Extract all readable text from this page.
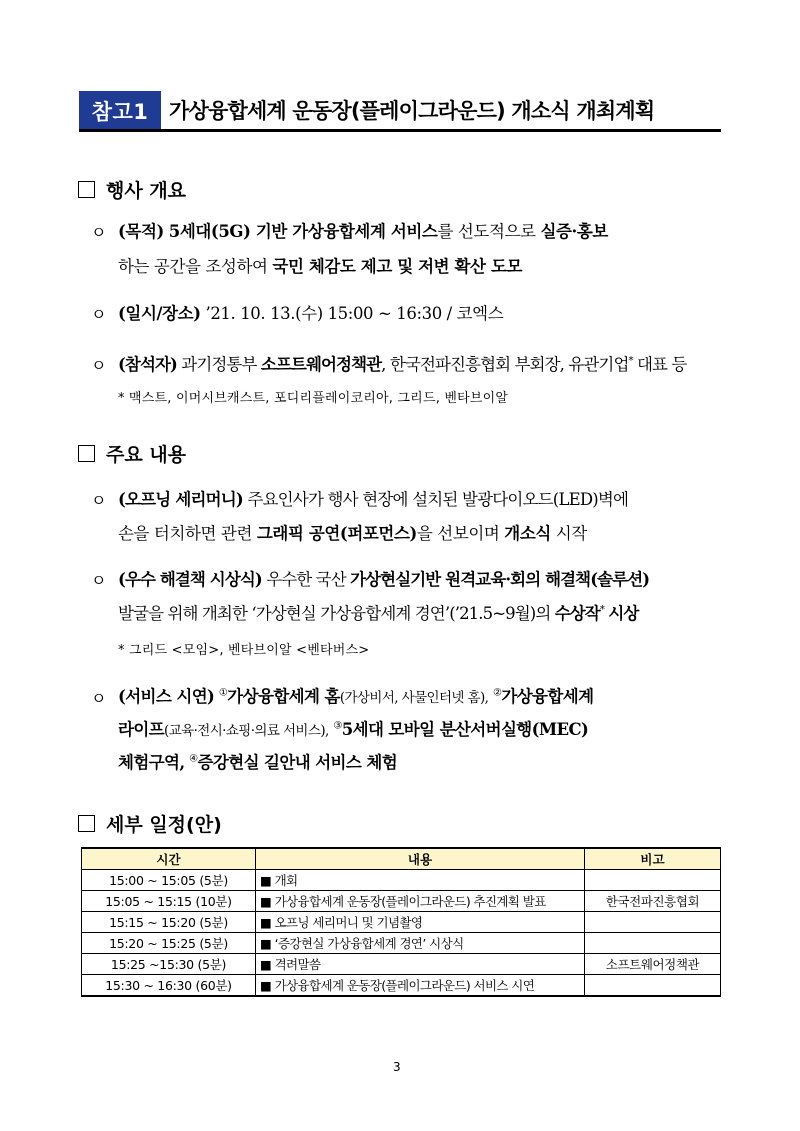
참고1 가상융합세계 운동장(플레이그라운드) 개소식 개최계획
행사 개요
ㅇ (목적) 5세대(5G) 기반 가상융합세계 서비스를 선도적으로 실증·홍보
하는 공간을 조성하여 국민 체감도 제고 및 저변 확산 도모
ㅇ (일시/장소) ’21. 10. 13.(수) 15:00 ~ 16:30 / 코엑스
ㅇ (참석자) 과기정통부 소프트웨어정책관, 한국전파진흥협회 부회장, 유관기업* 대표 등
* 맥스트, 이머시브캐스트, 포디리플레이코리아, 그리드, 벤타브이알
주요 내용
ㅇ (오프닝 세리머니) 주요인사가 행사 현장에 설치된 발광다이오드(LED)벽에
손을 터치하면 관련 그래픽 공연(퍼포먼스)을 선보이며 개소식 시작
ㅇ (우수 해결책 시상식) 우수한 국산 가상현실기반 원격교육·회의 해결책(솔루션)
발굴을 위해 개최한 ‘가상현실 가상융합세계 경연’(’21.5~9월)의 수상작* 시상
* 그리드 <모임>, 벤타브이알 <벤타버스>
ㅇ (서비스 시연) ①가상융합세계 홈(가상비서, 사물인터넷 홈), ②가상융합세계
라이프(교육·전시·쇼핑·의료 서비스), ③5세대 모바일 분산서버실행(MEC)
체험구역, ④증강현실 길안내 서비스 체험
세부 일정(안)
시간	내용	비고
15:00 ~ 15:05 (5분)	■ 개회	
15:05 ~ 15:15 (10분)	■ 가상융합세계 운동장(플레이그라운드) 추진계획 발표	한국전파진흥협회
15:15 ~ 15:20 (5분)	■ 오프닝 세리머니 및 기념촬영	
15:20 ~ 15:25 (5분)	■ ‘증강현실 가상융합세계 경연’ 시상식	
15:25 ~15:30 (5분)	■ 격려말씀	소프트웨어정책관
15:30 ~ 16:30 (60분)	■ 가상융합세계 운동장(플레이그라운드) 서비스 시연	
3
